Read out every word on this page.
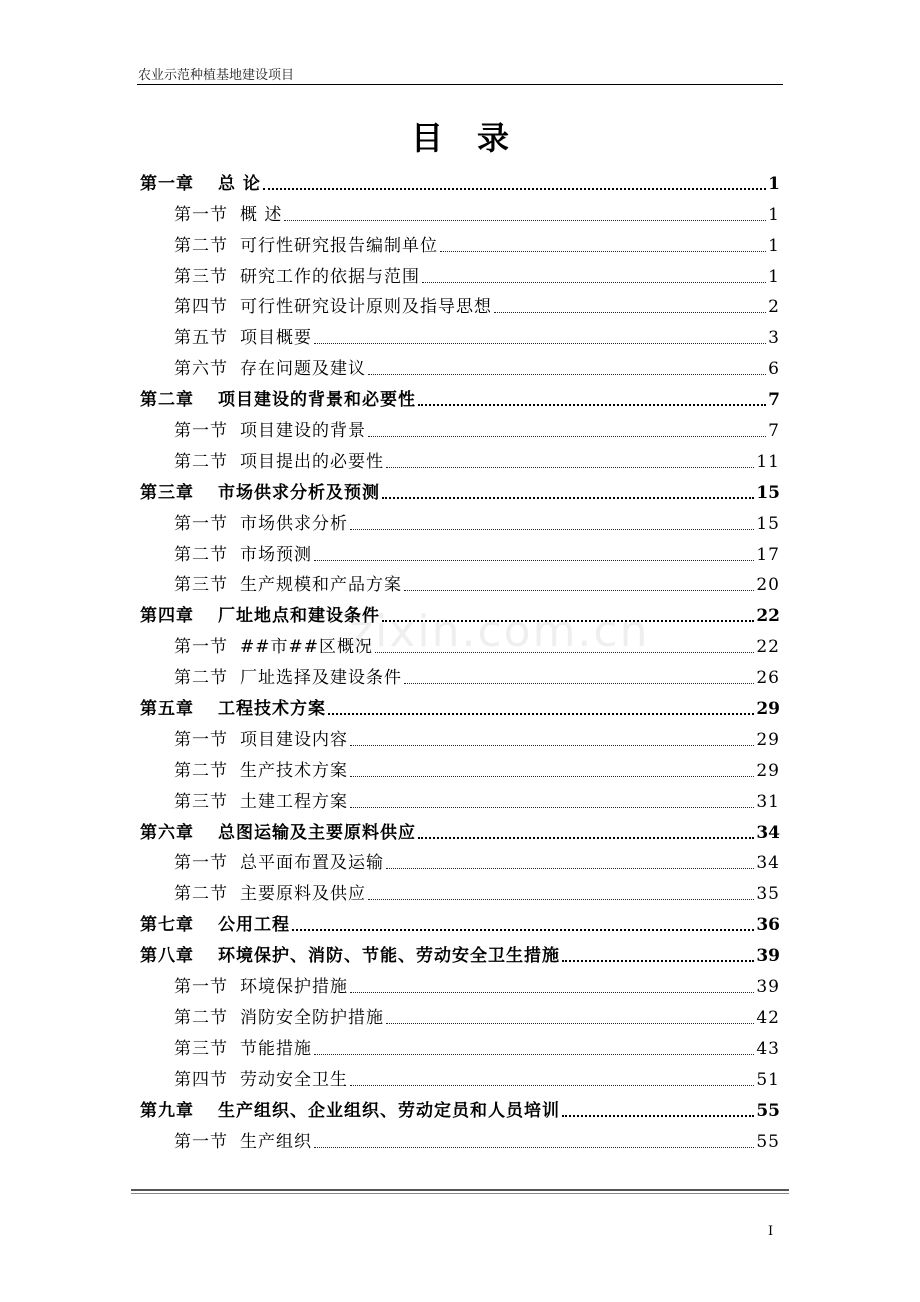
农业示范种植基地建设项目
目录
zixin.com.cn
第一章 总 论	1
第一节 概 述	1
第二节 可行性研究报告编制单位	1
第三节 研究工作的依据与范围	1
第四节 可行性研究设计原则及指导思想	2
第五节 项目概要	3
第六节 存在问题及建议	6
第二章 项目建设的背景和必要性	7
第一节 项目建设的背景	7
第二节 项目提出的必要性	11
第三章 市场供求分析及预测	15
第一节 市场供求分析	15
第二节 市场预测	17
第三节 生产规模和产品方案	20
第四章 厂址地点和建设条件	22
第一节 ##市##区概况	22
第二节 厂址选择及建设条件	26
第五章 工程技术方案	29
第一节 项目建设内容	29
第二节 生产技术方案	29
第三节 土建工程方案	31
第六章 总图运输及主要原料供应	34
第一节 总平面布置及运输	34
第二节 主要原料及供应	35
第七章 公用工程	36
第八章 环境保护、消防、节能、劳动安全卫生措施	39
第一节 环境保护措施	39
第二节 消防安全防护措施	42
第三节 节能措施	43
第四节 劳动安全卫生	51
第九章 生产组织、企业组织、劳动定员和人员培训	55
第一节 生产组织	55
I
